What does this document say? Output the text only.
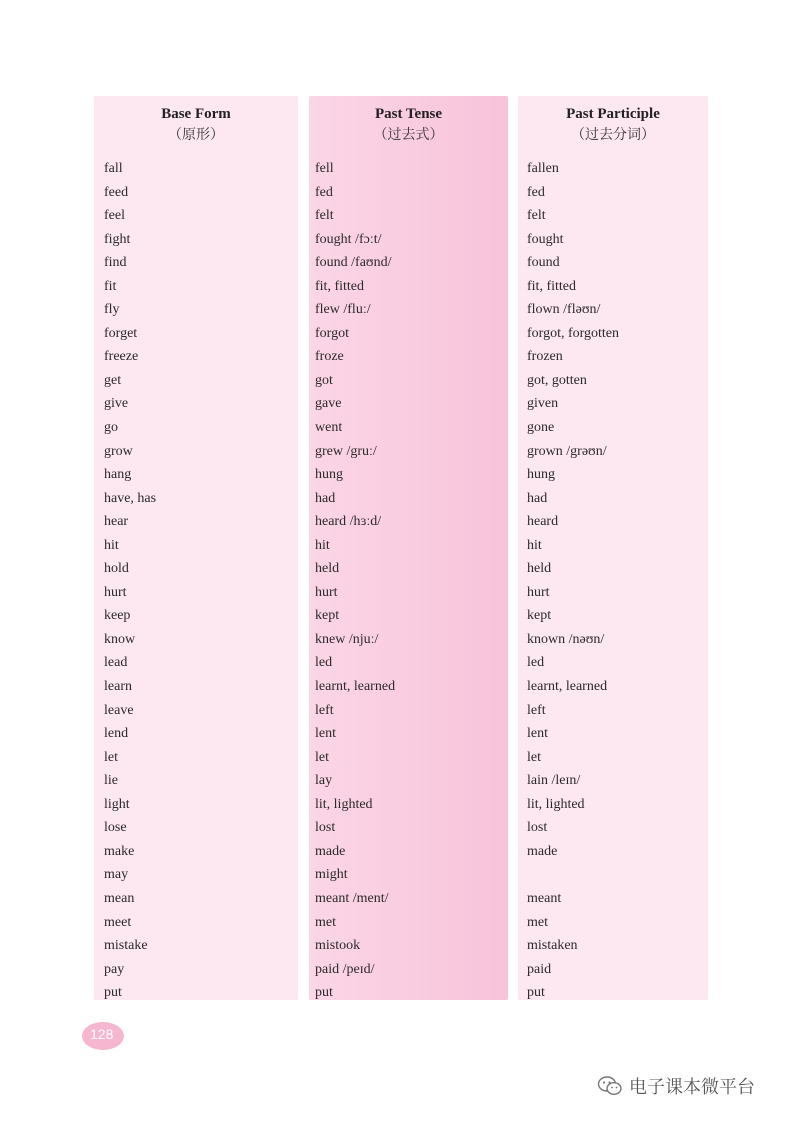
Base Form
（原形）
fall
feed
feel
fight
find
fit
fly
forget
freeze
get
give
go
grow
hang
have, has
hear
hit
hold
hurt
keep
know
lead
learn
leave
lend
let
lie
light
lose
make
may
mean
meet
mistake
pay
put
Past Tense
（过去式）
fell
fed
felt
fought /fɔːt/
found /faʊnd/
fit, fitted
flew /fluː/
forgot
froze
got
gave
went
grew /gruː/
hung
had
heard /hɜːd/
hit
held
hurt
kept
knew /njuː/
led
learnt, learned
left
lent
let
lay
lit, lighted
lost
made
might
meant /ment/
met
mistook
paid /peɪd/
put
Past Participle
（过去分词）
fallen
fed
felt
fought
found
fit, fitted
flown /fləʊn/
forgot, forgotten
frozen
got, gotten
given
gone
grown /grəʊn/
hung
had
heard
hit
held
hurt
kept
known /nəʊn/
led
learnt, learned
left
lent
let
lain /leɪn/
lit, lighted
lost
made
meant
met
mistaken
paid
put
128
电子课本微平台
